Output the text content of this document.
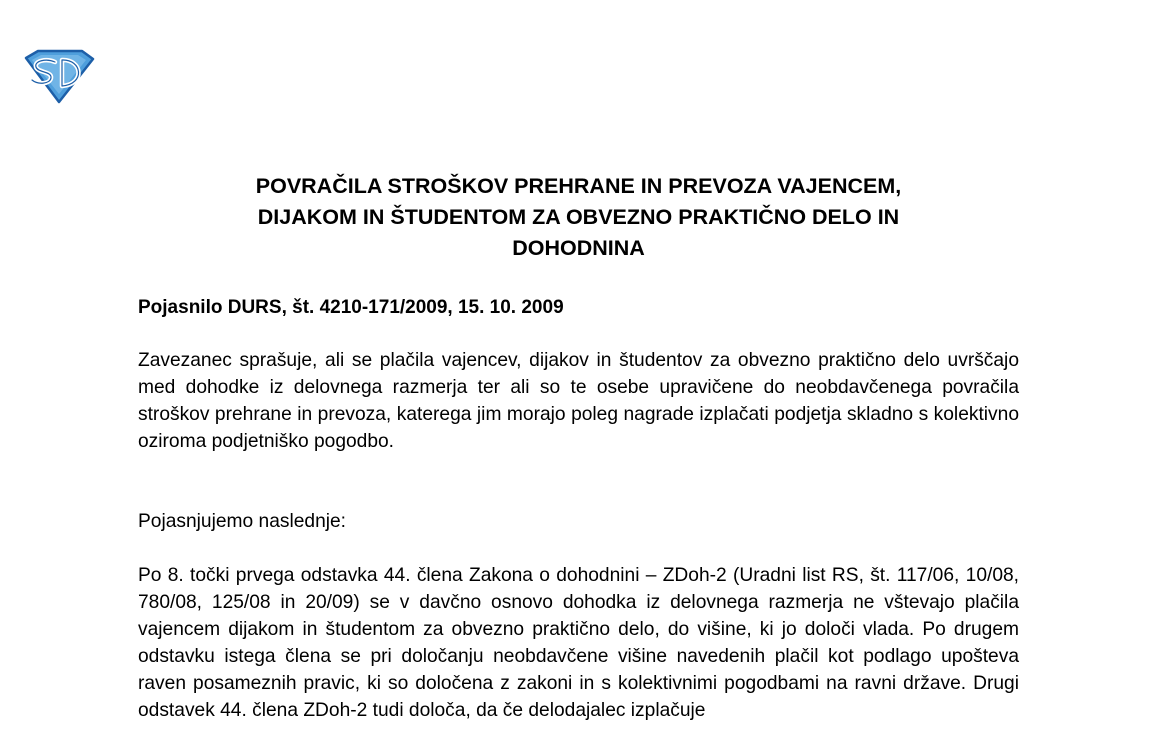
POVRAČILA STROŠKOV PREHRANE IN PREVOZA VAJENCEM,
DIJAKOM IN ŠTUDENTOM ZA OBVEZNO PRAKTIČNO DELO IN
DOHODNINA

Pojasnilo DURS, št. 4210-171/2009, 15. 10. 2009

Zavezanec sprašuje, ali se plačila vajencev, dijakov in študentov za obvezno praktično delo uvrščajo med dohodke iz delovnega razmerja ter ali so te osebe upravičene do neobdavčenega povračila stroškov prehrane in prevoza, katerega jim morajo poleg nagrade izplačati podjetja skladno s kolektivno oziroma podjetniško pogodbo.

Pojasnjujemo naslednje:

Po 8. točki prvega odstavka 44. člena Zakona o dohodnini – ZDoh-2 (Uradni list RS, št. 117/06, 10/08, 780/08, 125/08 in 20/09) se v davčno osnovo dohodka iz delovnega razmerja ne vštevajo plačila vajencem dijakom in študentom za obvezno praktično delo, do višine, ki jo določi vlada. Po drugem odstavku istega člena se pri določanju neobdavčene višine navedenih plačil kot podlago upošteva raven posameznih pravic, ki so določena z zakoni in s kolektivnimi pogodbami na ravni države. Drugi odstavek 44. člena ZDoh-2 tudi določa, da če delodajalec izplačuje
